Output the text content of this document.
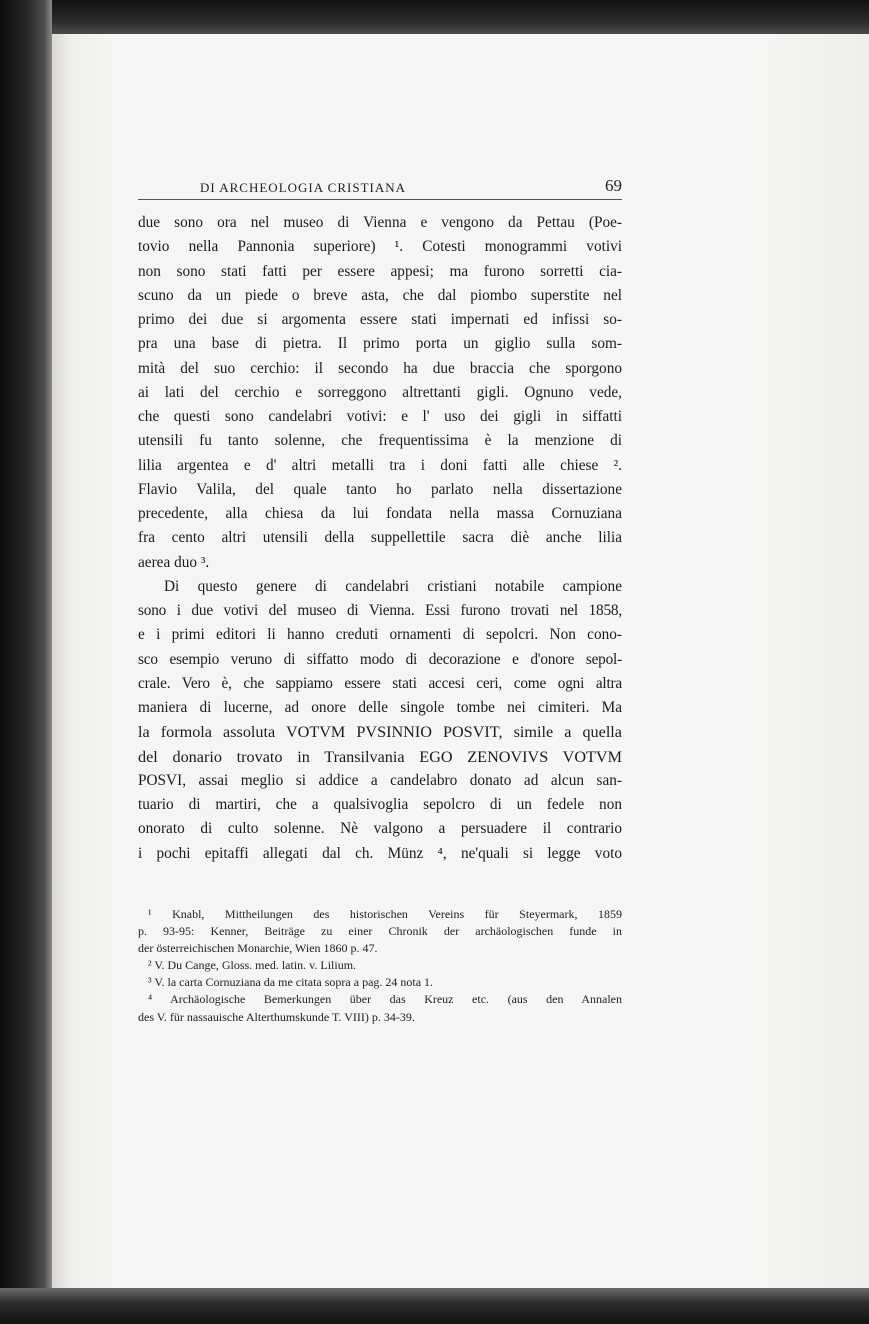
DI ARCHEOLOGIA CRISTIANA	69
due sono ora nel museo di Vienna e vengono da Pettau (Poe-
tovio nella Pannonia superiore) ¹. Cotesti monogrammi votivi
non sono stati fatti per essere appesi; ma furono sorretti cia-
scuno da un piede o breve asta, che dal piombo superstite nel
primo dei due si argomenta essere stati impernati ed infissi so-
pra una base di pietra. Il primo porta un giglio sulla som-
mità del suo cerchio: il secondo ha due braccia che sporgono
ai lati del cerchio e sorreggono altrettanti gigli. Ognuno vede,
che questi sono candelabri votivi: e l' uso dei gigli in siffatti
utensili fu tanto solenne, che frequentissima è la menzione di
lilia argentea e d' altri metalli tra i doni fatti alle chiese ².
Flavio Valila, del quale tanto ho parlato nella dissertazione
precedente, alla chiesa da lui fondata nella massa Cornuziana
fra cento altri utensili della suppellettile sacra diè anche lilia
aerea duo ³.
Di questo genere di candelabri cristiani notabile campione
sono i due votivi del museo di Vienna. Essi furono trovati nel 1858,
e i primi editori li hanno creduti ornamenti di sepolcri. Non cono-
sco esempio veruno di siffatto modo di decorazione e d'onore sepol-
crale. Vero è, che sappiamo essere stati accesi ceri, come ogni altra
maniera di lucerne, ad onore delle singole tombe nei cimiteri. Ma
la formola assoluta VOTVM PVSINNIO POSVIT, simile a quella
del donario trovato in Transilvania EGO ZENOVIVS VOTVM
POSVI, assai meglio si addice a candelabro donato ad alcun san-
tuario di martiri, che a qualsivoglia sepolcro di un fedele non
onorato di culto solenne. Nè valgono a persuadere il contrario
i pochi epitaffi allegati dal ch. Münz ⁴, ne'quali si legge voto
¹ Knabl, Mittheilungen des historischen Vereins für Steyermark, 1859
p. 93-95: Kenner, Beiträge zu einer Chronik der archäologischen funde in
der österreichischen Monarchie, Wien 1860 p. 47.
² V. Du Cange, Gloss. med. latin. v. Lilium.
³ V. la carta Cornuziana da me citata sopra a pag. 24 nota 1.
⁴ Archäologische Bemerkungen über das Kreuz etc. (aus den Annalen
des V. für nassauische Alterthumskunde T. VIII) p. 34-39.
